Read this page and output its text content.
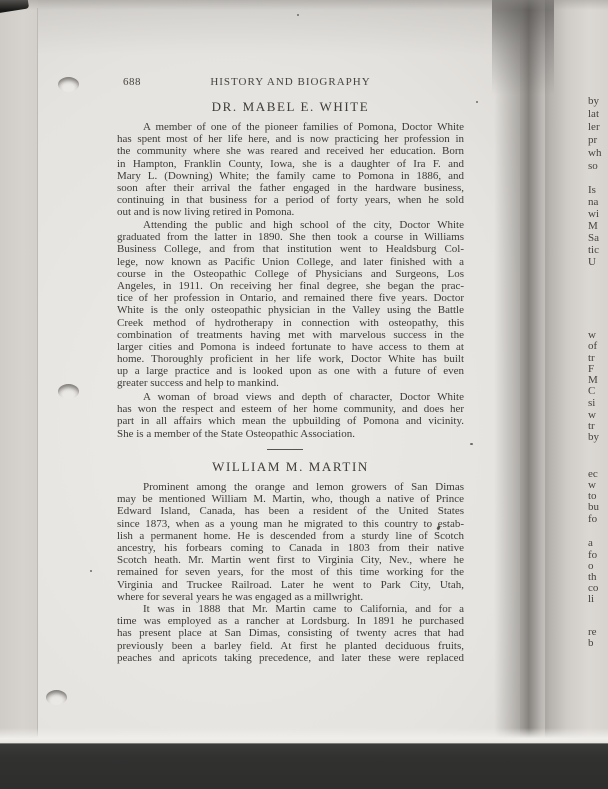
688	HISTORY AND BIOGRAPHY
DR. MABEL E. WHITE
WILLIAM M. MARTIN
A member of one of the pioneer families of Pomona, Doctor White
has spent most of her life here, and is now practicing her profession in
the community where she was reared and received her education. Born
in Hampton, Franklin County, Iowa, she is a daughter of Ira F. and
Mary L. (Downing) White; the family came to Pomona in 1886, and
soon after their arrival the father engaged in the hardware business,
continuing in that business for a period of forty years, when he sold
out and is now living retired in Pomona.
Attending the public and high school of the city, Doctor White
graduated from the latter in 1890. She then took a course in Williams
Business College, and from that institution went to Healdsburg Col-
lege, now known as Pacific Union College, and later finished with a
course in the Osteopathic College of Physicians and Surgeons, Los
Angeles, in 1911. On receiving her final degree, she began the prac-
tice of her profession in Ontario, and remained there five years. Doctor
White is the only osteopathic physician in the Valley using the Battle
Creek method of hydrotherapy in connection with osteopathy, this
combination of treatments having met with marvelous success in the
larger cities and Pomona is indeed fortunate to have access to them at
home. Thoroughly proficient in her life work, Doctor White has built
up a large practice and is looked upon as one with a future of even
greater success and help to mankind.
A woman of broad views and depth of character, Doctor White
has won the respect and esteem of her home community, and does her
part in all affairs which mean the upbuilding of Pomona and vicinity.
She is a member of the State Osteopathic Association.
Prominent among the orange and lemon growers of San Dimas
may be mentioned William M. Martin, who, though a native of Prince
Edward Island, Canada, has been a resident of the United States
since 1873, when as a young man he migrated to this country to estab-
lish a permanent home. He is descended from a sturdy line of Scotch
ancestry, his forbears coming to Canada in 1803 from their native
Scotch heath. Mr. Martin went first to Virginia City, Nev., where he
remained for seven years, for the most of this time working for the
Virginia and Truckee Railroad. Later he went to Park City, Utah,
where for several years he was engaged as a millwright.
It was in 1888 that Mr. Martin came to California, and for a
time was employed as a rancher at Lordsburg. In 1891 he purchased
has present place at San Dimas, consisting of twenty acres that had
previously been a barley field. At first he planted deciduous fruits,
peaches and apricots taking precedence, and later these were replaced
by
lat
ler
pr
wh
so
Is
na
wi
M
Sa
tic
U
w
of
tr
F
M
C
si
w
tr
by
ec
w
to
bu
fo
a
fo
o
th
co
li
re
b
